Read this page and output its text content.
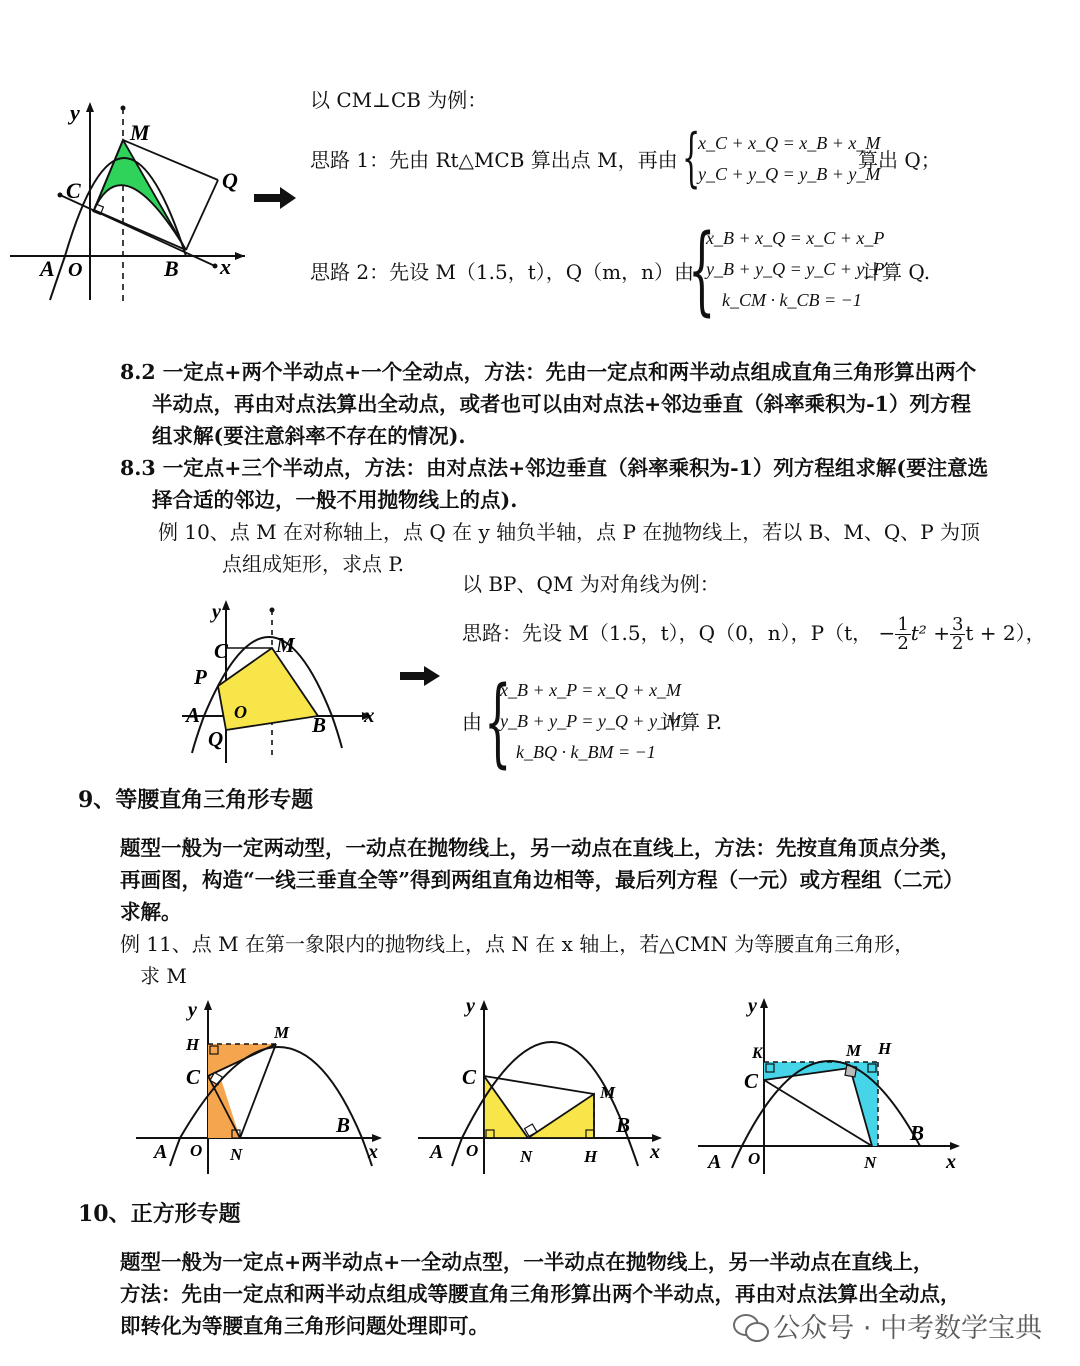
y
M
C	Q
A O	B x
以 CM⊥CB 为例：
思路 1：先由 Rt△MCB 算出点 M，再由 {
x_C + x_Q = x_B + x_M
y_C + y_Q = y_B + y_M
算出 Q；
思路 2：先设 M（1.5，t），Q（m，n）由
{
x_B + x_Q = x_C + x_P
y_B + y_Q = y_C + y_P
k_CM · k_CB = −1
计算 Q.
8.2 一定点+两个半动点+一个全动点，方法：先由一定点和两半动点组成直角三角形算出两个
半动点，再由对点法算出全动点，或者也可以由对点法+邻边垂直（斜率乘积为-1）列方程
组求解(要注意斜率不存在的情况).
8.3 一定点+三个半动点，方法：由对点法+邻边垂直（斜率乘积为-1）列方程组求解(要注意选
择合适的邻边，一般不用抛物线上的点).
例 10、点 M 在对称轴上，点 Q 在 y 轴负半轴，点 P 在抛物线上，若以 B、M、Q、P 为顶
点组成矩形，求点 P.
以 BP、QM 为对角线为例：
思路：先设 M（1.5，t），Q（0，n），P（t， − $\frac{1}{2} t^2 + \frac{3}{2}$ t + 2），
y
C M
P
A O
B x
Q
由 {
x_B + x_P = x_Q + x_M
y_B + y_P = y_Q + y_M
k_BQ · k_BM = −1
计算 P.
9、等腰直角三角形专题
题型一般为一定两动型，一动点在抛物线上，另一动点在直线上，方法：先按直角顶点分类，
再画图，构造“一线三垂直全等”得到两组直角边相等，最后列方程（一元）或方程组（二元）
求解。
例 11、点 M 在第一象限内的抛物线上，点 N 在 x 轴上，若△CMN 为等腰直角三角形，
求 M
y
H
M
C
B
A O N	x
y
C
M
B
A O N	H	x
y
K	M H
C
B
A O	N	x
10、正方形专题
题型一般为一定点+两半动点+一全动点型，一半动点在抛物线上，另一半动点在直线上，
方法：先由一定点和两半动点组成等腰直角三角形算出两个半动点，再由对点法算出全动点，
即转化为等腰直角三角形问题处理即可。	公众号 · 中考数学宝典
